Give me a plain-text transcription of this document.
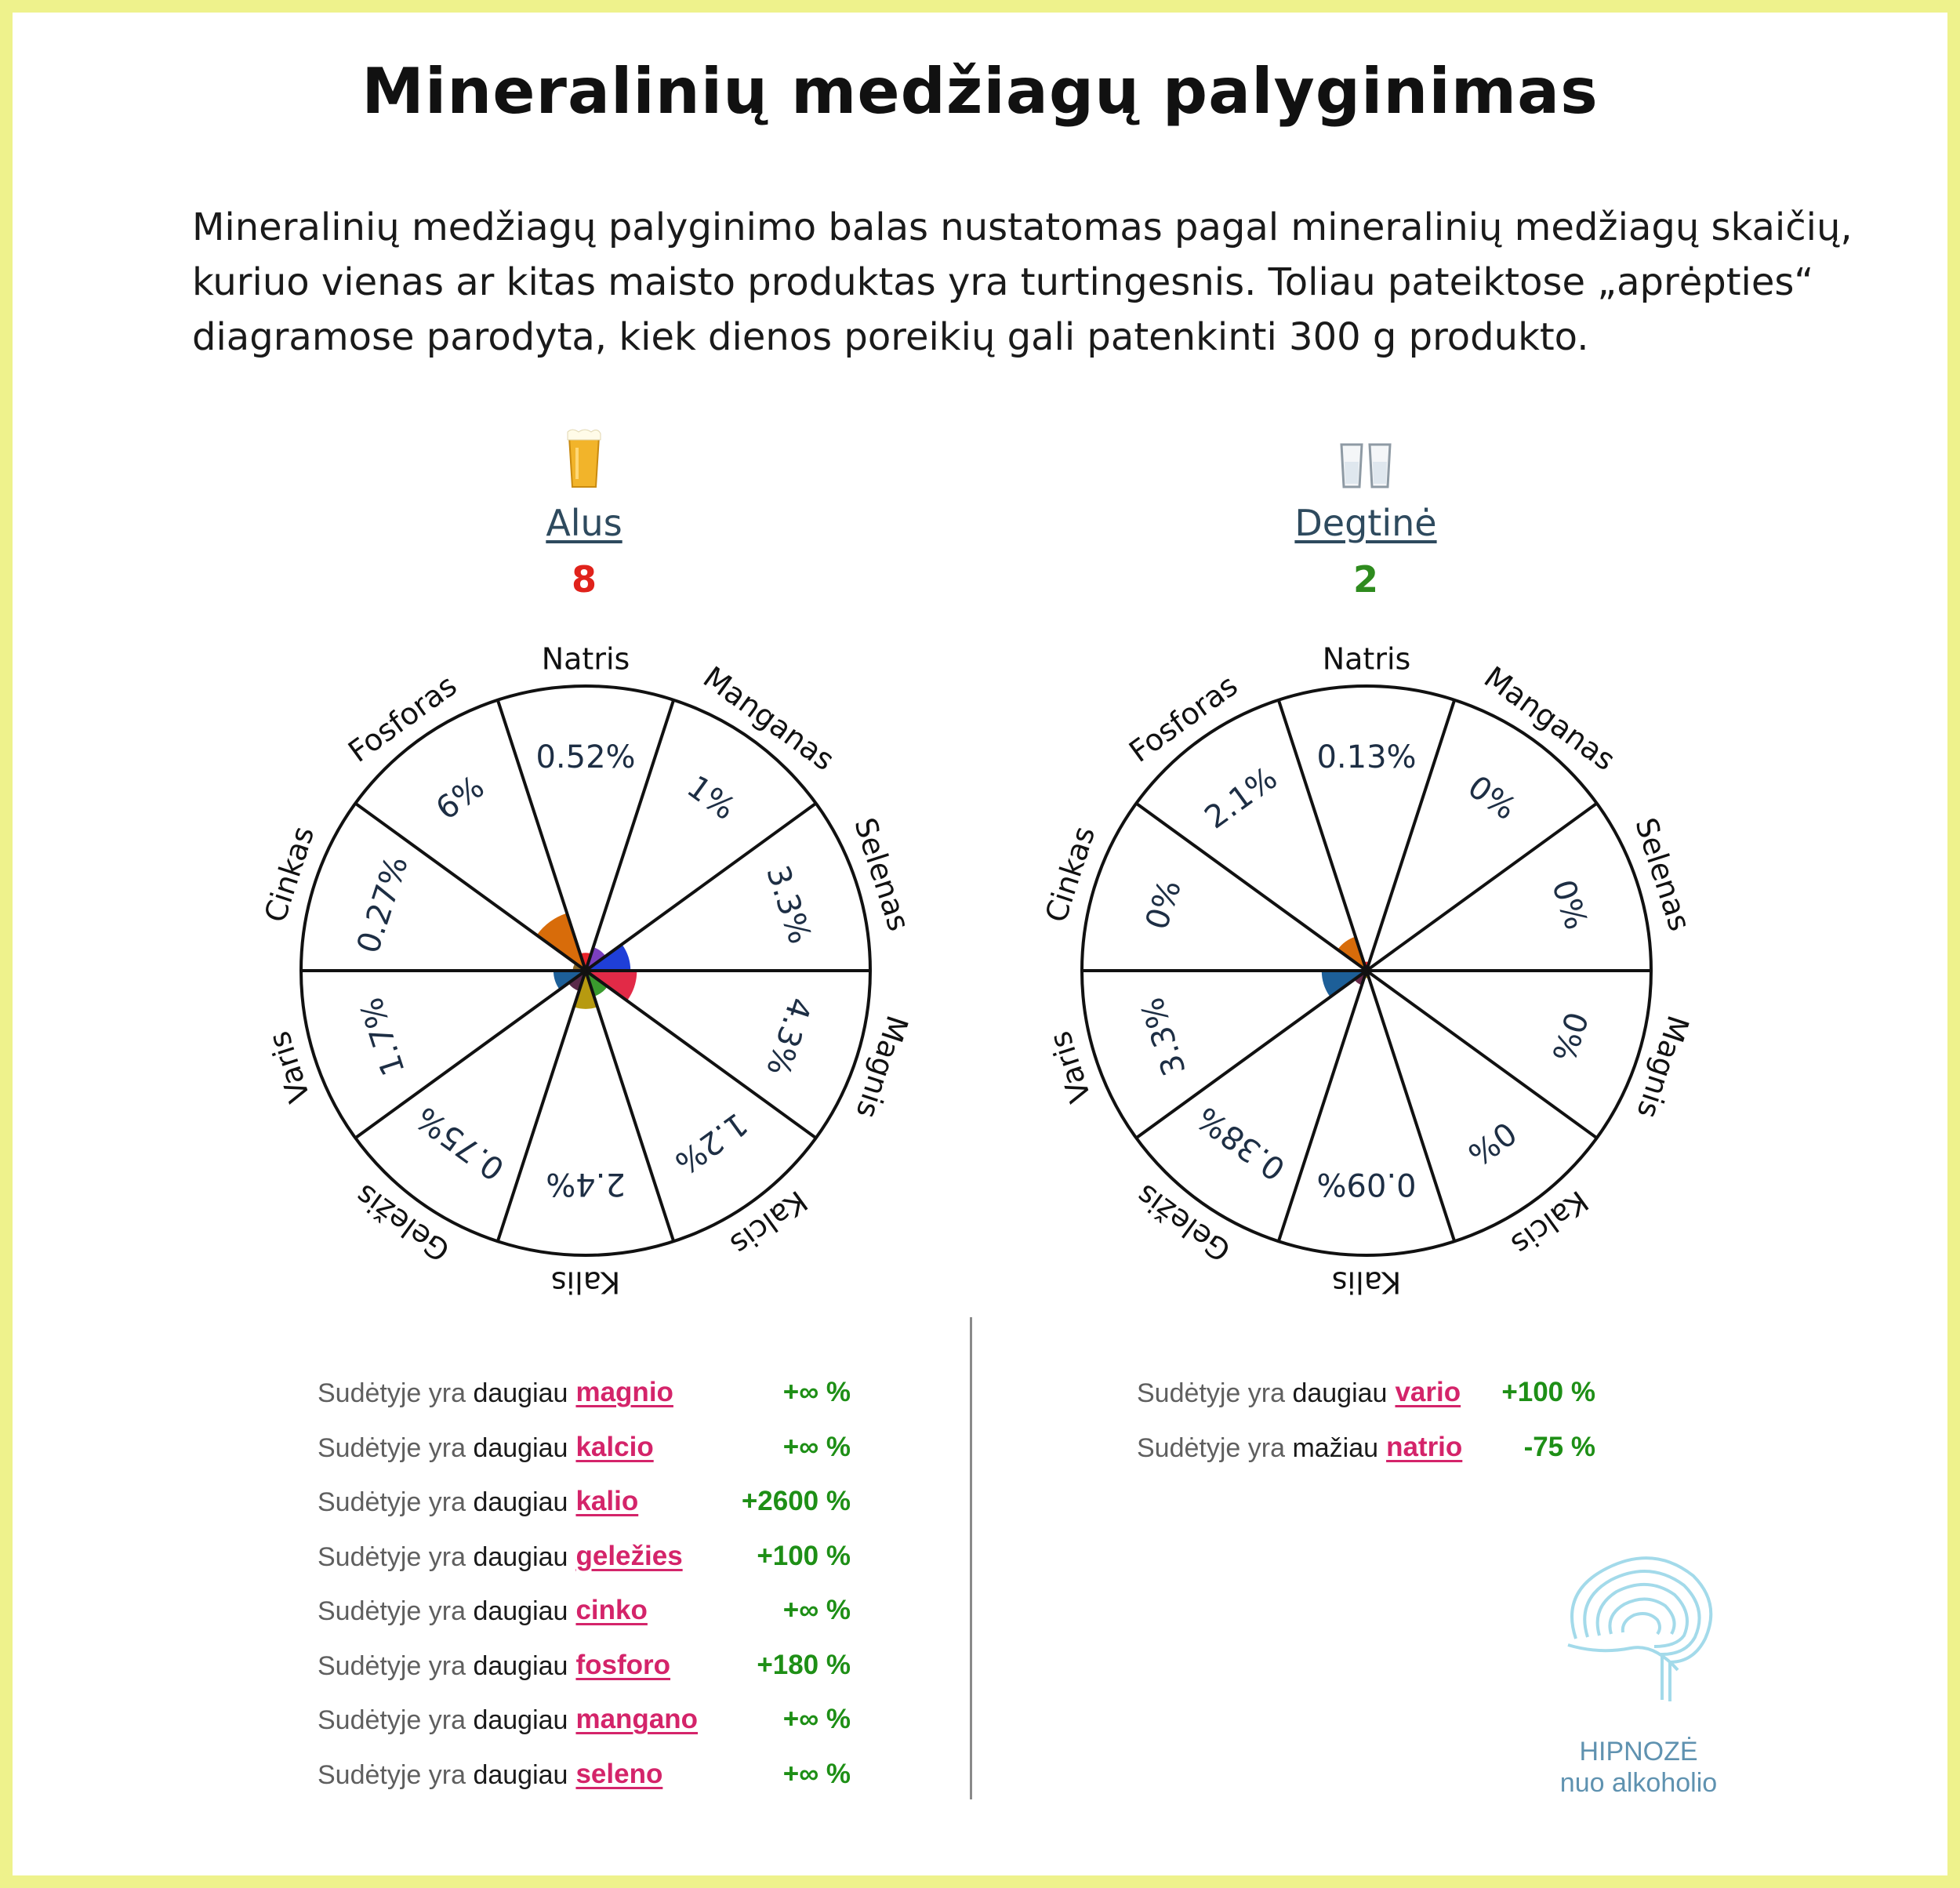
Mineralinių medžiagų palyginimas
Mineralinių medžiagų palyginimo balas nustatomas pagal mineralinių medžiagų skaičių,
kuriuo vienas ar kitas maisto produktas yra turtingesnis. Toliau pateiktose „aprėpties“
diagramose parodyta, kiek dienos poreikių gali patenkinti 300 g produkto.
Alus	Degtinė
8	2
Natris
0.52% Manganas
1%
Selenas
3.3%
Magnis
4.3%
Kalcis
1.2%
Kalis
2.4%
Geležis
0.75%
Varis 1.7%
Cinkas 0.27%
Fosforas
6%
Natris
0.13% Manganas
0%
Selenas
0%
Magnis
0%
Kalcis
0%
Kalis
0.09%
Geležis
0.38%
Varis 3.3%
Cinkas 0%
Fosforas
2.1%
Sudėtyje yra daugiau magnio	+∞ %
Sudėtyje yra daugiau kalcio	+∞ %
Sudėtyje yra daugiau kalio	+2600 %
Sudėtyje yra daugiau geležies	+100 %
Sudėtyje yra daugiau cinko	+∞ %
Sudėtyje yra daugiau fosforo	+180 %
Sudėtyje yra daugiau mangano	+∞ %
Sudėtyje yra daugiau seleno	+∞ %
Sudėtyje yra daugiau vario +100 %
Sudėtyje yra mažiau natrio -75 %
HIPNOZĖ
nuo alkoholio
